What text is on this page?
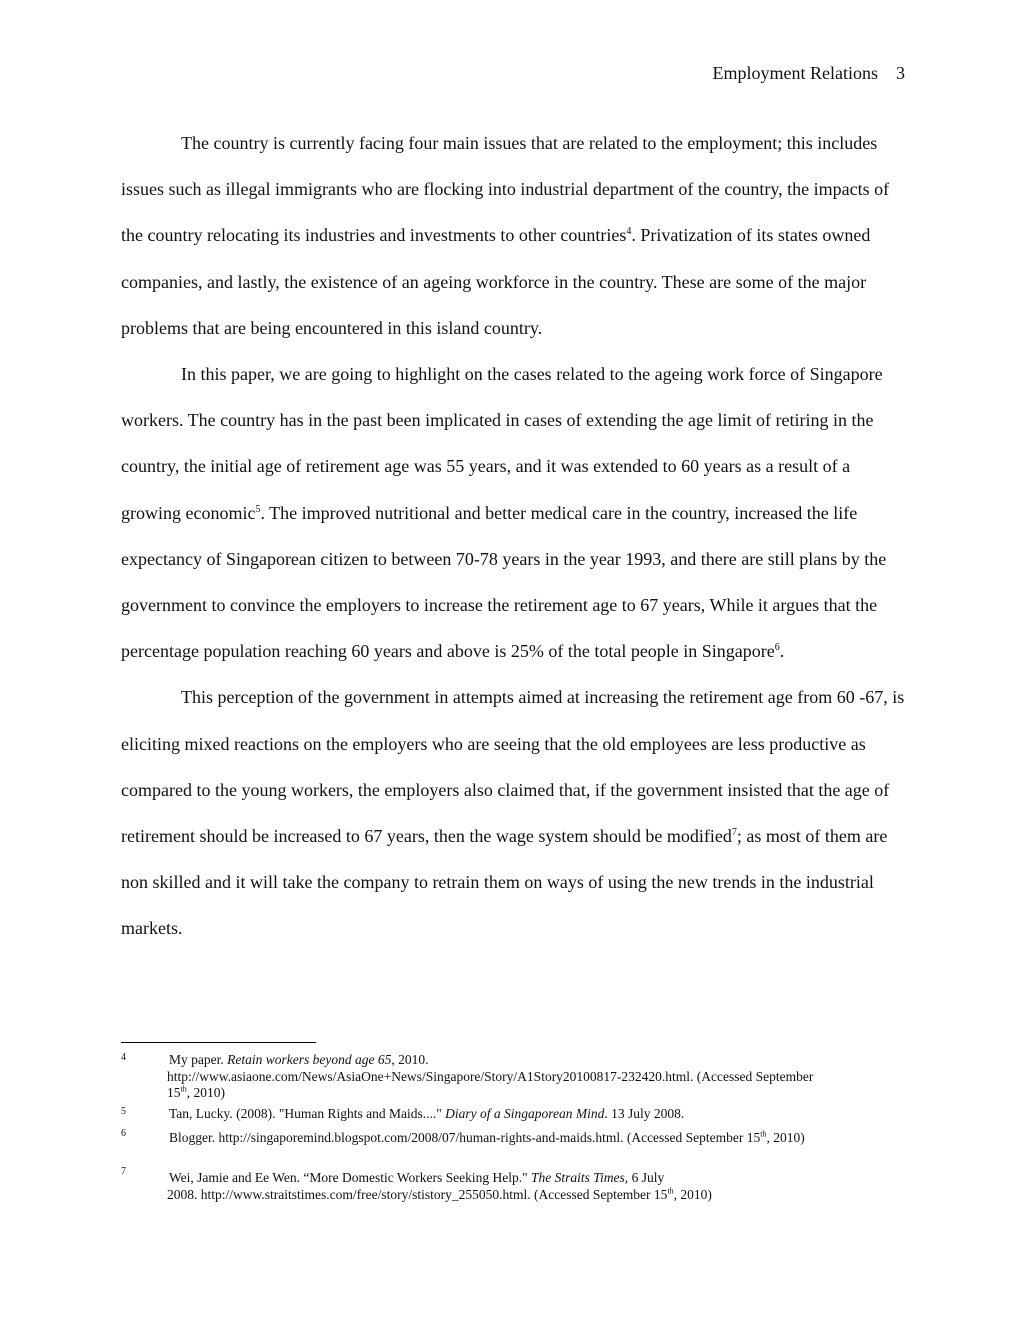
Employment Relations 3

The country is currently facing four main issues that are related to the employment; this includes issues such as illegal immigrants who are flocking into industrial department of the country, the impacts of the country relocating its industries and investments to other countries$^4$. Privatization of its states owned companies, and lastly, the existence of an ageing workforce in the country. These are some of the major problems that are being encountered in this island country.

In this paper, we are going to highlight on the cases related to the ageing work force of Singapore workers. The country has in the past been implicated in cases of extending the age limit of retiring in the country, the initial age of retirement age was 55 years, and it was extended to 60 years as a result of a growing economic$^5$. The improved nutritional and better medical care in the country, increased the life expectancy of Singaporean citizen to between 70-78 years in the year 1993, and there are still plans by the government to convince the employers to increase the retirement age to 67 years, While it argues that the percentage population reaching 60 years and above is 25% of the total people in Singapore$^6$.

This perception of the government in attempts aimed at increasing the retirement age from 60 -67, is eliciting mixed reactions on the employers who are seeing that the old employees are less productive as compared to the young workers, the employers also claimed that, if the government insisted that the age of retirement should be increased to 67 years, then the wage system should be modified$^7$; as most of them are non skilled and it will take the company to retrain them on ways of using the new trends in the industrial markets.

4	My paper. Retain workers beyond age 65, 2010.
http://www.asiaone.com/News/AsiaOne+News/Singapore/Story/A1Story20100817-232420.html. (Accessed September
15th, 2010)
5	Tan, Lucky. (2008). "Human Rights and Maids...." Diary of a Singaporean Mind. 13 July 2008.
6	Blogger. http://singaporemind.blogspot.com/2008/07/human-rights-and-maids.html. (Accessed September 15th, 2010)
7	Wei, Jamie and Ee Wen. “More Domestic Workers Seeking Help." The Straits Times, 6 July
2008. http://www.straitstimes.com/free/story/stistory_255050.html. (Accessed September 15th, 2010)
